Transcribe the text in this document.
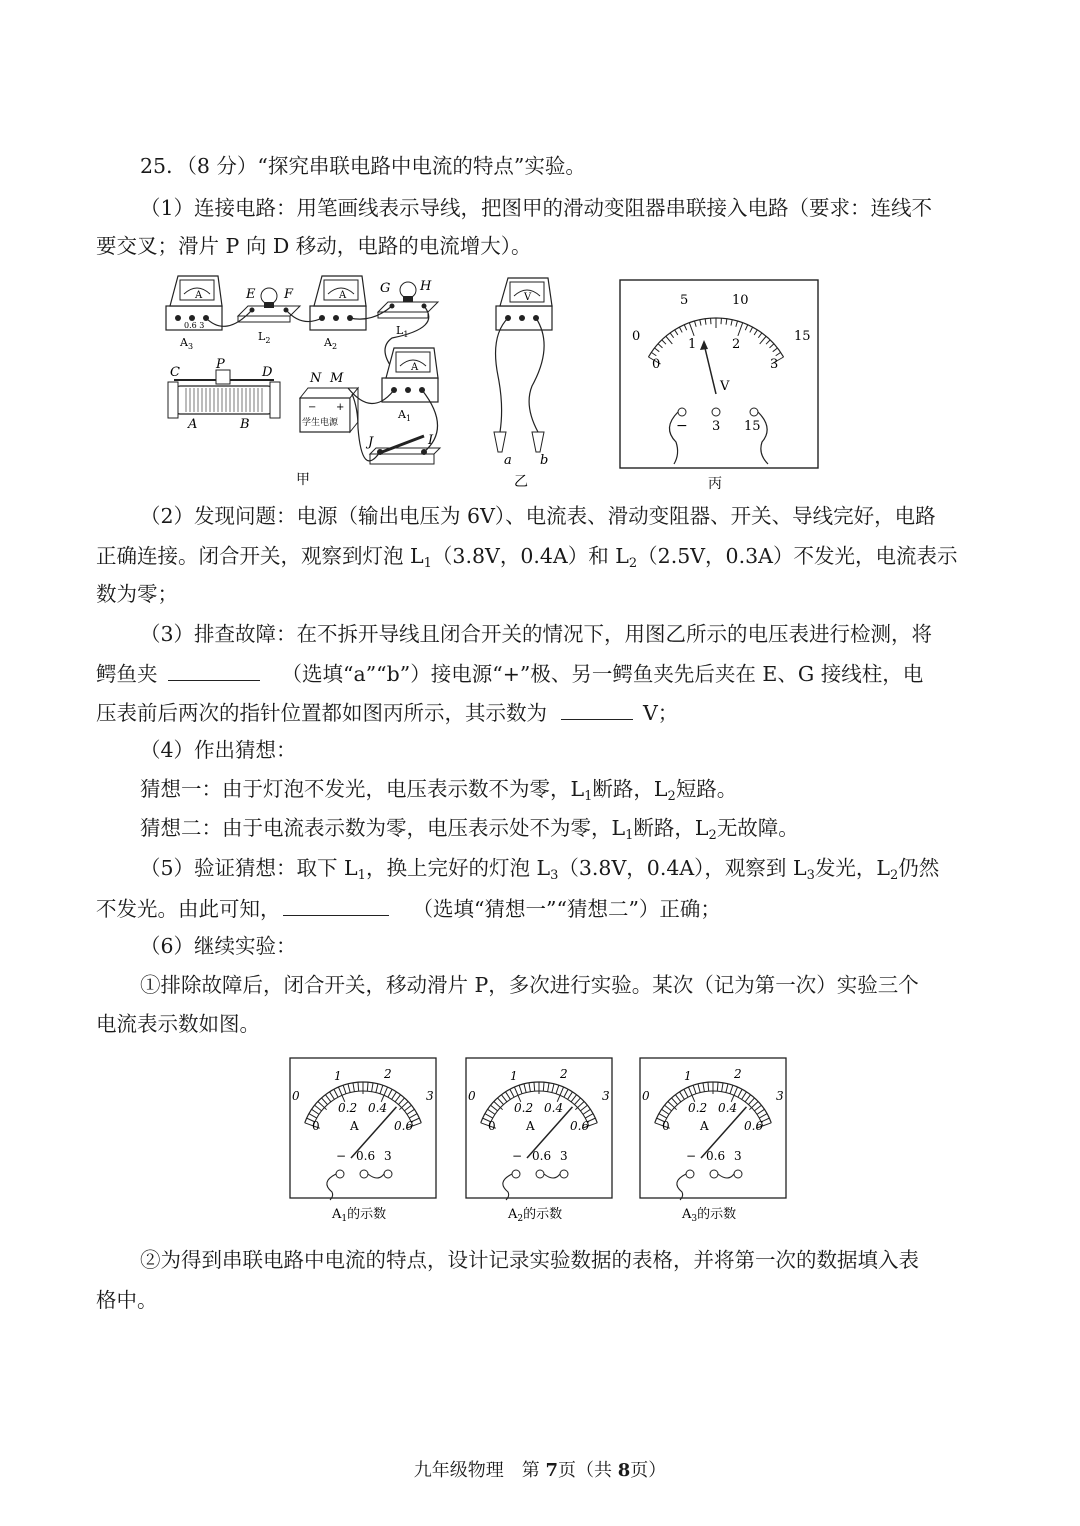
25．（8 分）“探究串联电路中电流的特点”实验。
（1）连接电路：用笔画线表示导线，把图甲的滑动变阻器串联接入电路（要求：连线不
要交叉；滑片 P 向 D 移动，电路的电流增大）。
A
0.6 3
$A_3$
E F
$L_2$
A
$A_2$
G H
$L_1$
A
$A_1$
C
P
D
A	B
N M
− +
学生电源
J	I
甲
V
a b
乙
0
5	10
15
0
1	2
3
V
− 3 15
丙
（2）发现问题：电源（输出电压为 6V）、电流表、滑动变阻器、开关、导线完好，电路
正确连接。闭合开关，观察到灯泡 $L_1(3.8V$，0.4A）和 $L_2(2.5V$，0.3A）不发光，电流表示
数为零；
（3）排查故障：在不拆开导线且闭合开关的情况下，用图乙所示的电压表进行检测，将
鳄鱼夹	（选填“a”“b”）接电源“+”极、另一鳄鱼夹先后夹在 E、G 接线柱，电
压表前后两次的指针位置都如图丙所示，其示数为	V；
（4）作出猜想：
猜想一：由于灯泡不发光，电压表示数不为零，$L_1$断路，$L_2$短路。
猜想二：由于电流表示数为零，电压表示处不为零，$L_1$断路，$L_2$无故障。
（5）验证猜想：取下 $L_1$，换上完好的灯泡 $L_3(3.8V$，0.4A），观察到 $L_3$发光，$L_2$仍然
不发光。由此可知，	（选填“猜想一”“猜想二”）正确；
（6）继续实验：
①排除故障后，闭合开关，移动滑片 P，多次进行实验。某次（记为第一次）实验三个
电流表示数如图。
0
1	2
3
0
0.2 0.4
0.6
A
− 0.6 3
$A_1$的示数
0
1	2
3
0
0.2 0.4
0.6
A
− 0.6 3
$A_2$的示数
0
1	2
3
0
0.2 0.4
0.6
A
− 0.6 3
$A_3$的示数
②为得到串联电路中电流的特点，设计记录实验数据的表格，并将第一次的数据填入表
格中。
九年级物理　第 7页（共 8页）
